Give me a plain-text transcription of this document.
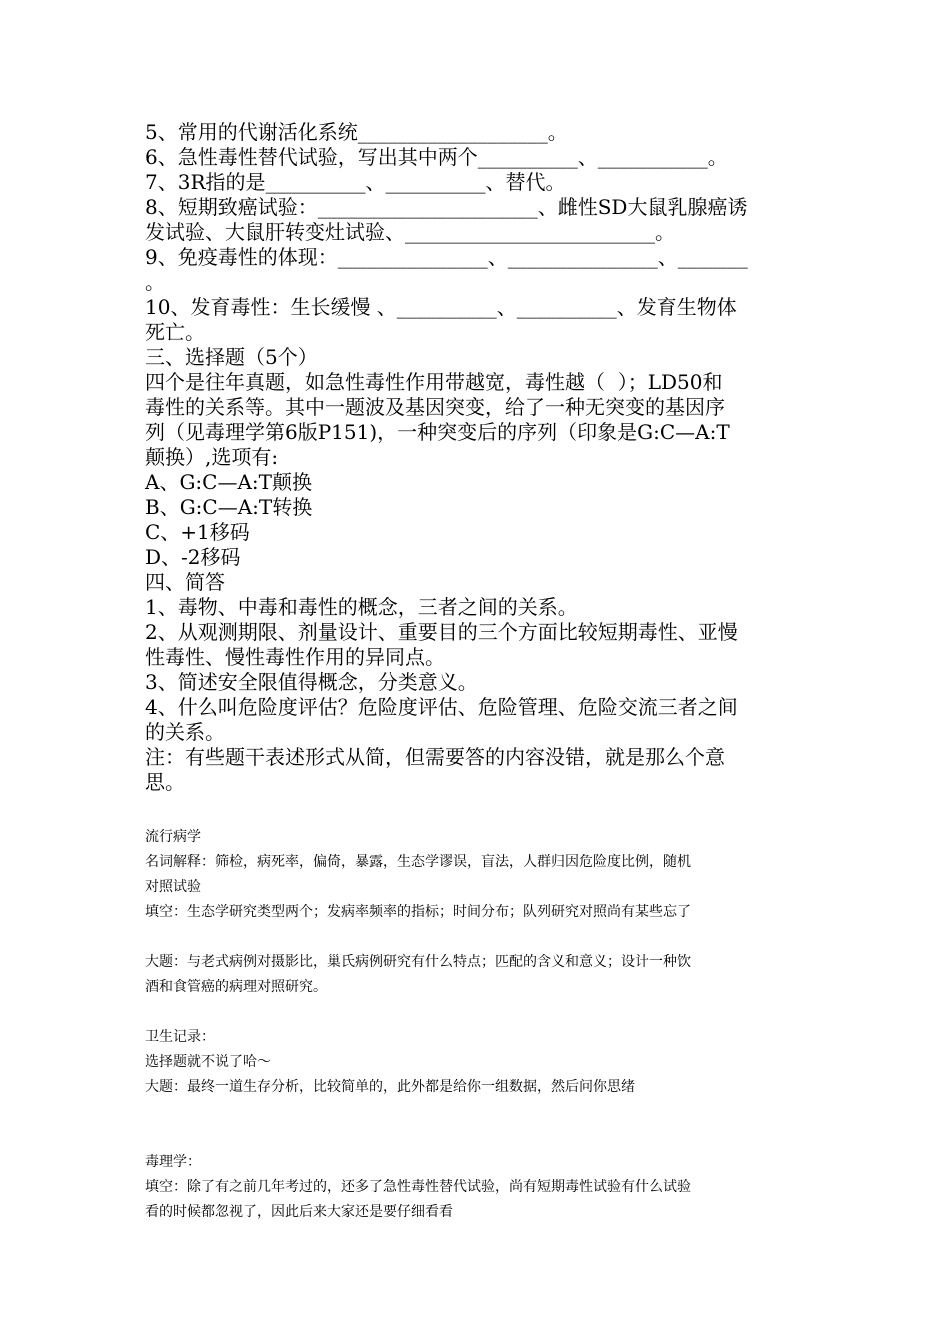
5、常用的代谢活化系统___________________。

6、急性毒性替代试验，写出其中两个__________、___________。

7、3R指的是__________、__________、替代。

8、短期致癌试验：______________________、雌性SD大鼠乳腺癌诱

发试验、大鼠肝转变灶试验、_________________________。

9、免疫毒性的体现：_______________、_______________、_______

。

10、发育毒性：生长缓慢 、__________、__________、发育生物体

死亡。

三、选择题（5个）

四个是往年真题，如急性毒性作用带越宽，毒性越（  ）；LD50和

毒性的关系等。其中一题波及基因突变，给了一种无突变的基因序

列（见毒理学第6版P151)，一种突变后的序列（印象是G:C—A:T

颠换）,选项有:

A、G:C—A:T颠换

B、G:C—A:T转换

C、+1移码

D、-2移码

四、简答

1、毒物、中毒和毒性的概念，三者之间的关系。

2、从观测期限、剂量设计、重要目的三个方面比较短期毒性、亚慢

性毒性、慢性毒性作用的异同点。

3、简述安全限值得概念，分类意义。

4、什么叫危险度评估？危险度评估、危险管理、危险交流三者之间

的关系。

注：有些题干表述形式从简，但需要答的内容没错，就是那么个意

思。

流行病学

名词解释：筛检，病死率，偏倚，暴露，生态学谬误，盲法，人群归因危险度比例，随机

对照试验

填空：生态学研究类型两个；发病率频率的指标；时间分布；队列研究对照尚有某些忘了

大题：与老式病例对摄影比，巢氏病例研究有什么特点；匹配的含义和意义；设计一种饮

酒和食管癌的病理对照研究。

卫生记录：

选择题就不说了哈～

大题：最终一道生存分析，比较简单的，此外都是给你一组数据，然后问你思绪

毒理学：

填空：除了有之前几年考过的，还多了急性毒性替代试验，尚有短期毒性试验有什么试验

看的时候都忽视了，因此后来大家还是要仔细看看
